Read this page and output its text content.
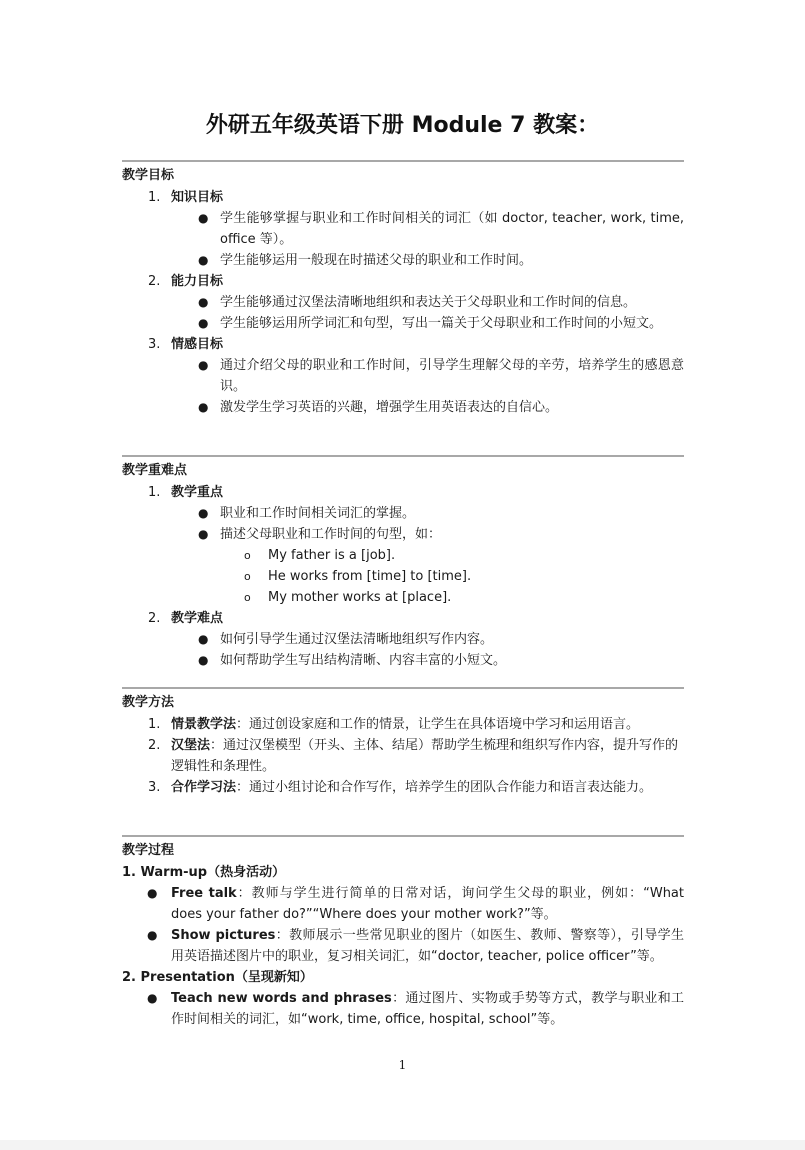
外研五年级英语下册 Module 7 教案：
教学目标
1. 知识目标
● 学生能够掌握与职业和工作时间相关的词汇（如 doctor, teacher, work, time, office 等）。
● 学生能够运用一般现在时描述父母的职业和工作时间。
2. 能力目标
● 学生能够通过汉堡法清晰地组织和表达关于父母职业和工作时间的信息。
● 学生能够运用所学词汇和句型，写出一篇关于父母职业和工作时间的小短文。
3. 情感目标
● 通过介绍父母的职业和工作时间，引导学生理解父母的辛劳，培养学生的感恩意识。
● 激发学生学习英语的兴趣，增强学生用英语表达的自信心。
教学重难点
1. 教学重点
● 职业和工作时间相关词汇的掌握。
● 描述父母职业和工作时间的句型，如：
o My father is a [job].
o He works from [time] to [time].
o My mother works at [place].
2. 教学难点
● 如何引导学生通过汉堡法清晰地组织写作内容。
● 如何帮助学生写出结构清晰、内容丰富的小短文。
教学方法
1. 情景教学法：通过创设家庭和工作的情景，让学生在具体语境中学习和运用语言。
2. 汉堡法：通过汉堡模型（开头、主体、结尾）帮助学生梳理和组织写作内容，提升写作的逻辑性和条理性。
3. 合作学习法：通过小组讨论和合作写作，培养学生的团队合作能力和语言表达能力。
教学过程
1. Warm-up（热身活动）
● Free talk：教师与学生进行简单的日常对话，询问学生父母的职业，例如：“What does your father do?”“Where does your mother work?”等。
● Show pictures：教师展示一些常见职业的图片（如医生、教师、警察等），引导学生用英语描述图片中的职业，复习相关词汇，如“doctor, teacher, police officer”等。
2. Presentation（呈现新知）
● Teach new words and phrases：通过图片、实物或手势等方式，教学与职业和工作时间相关的词汇，如“work, time, office, hospital, school”等。
1
